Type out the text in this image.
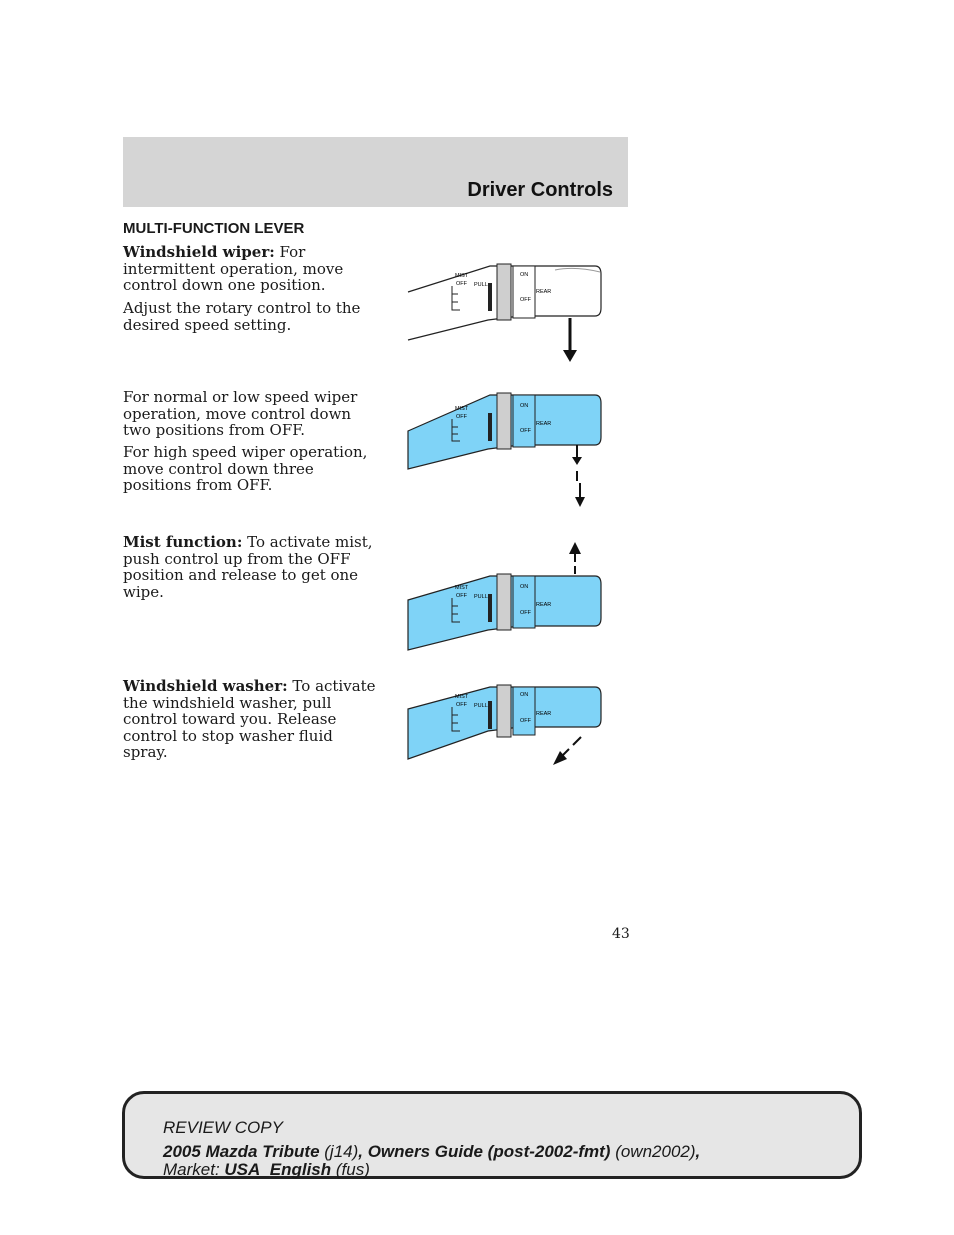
Driver Controls
MULTI-FUNCTION LEVER

Windshield wiper: For intermittent operation, move control down one position.

Adjust the rotary control to the desired speed setting.

For normal or low speed wiper operation, move control down two positions from OFF.

For high speed wiper operation, move control down three positions from OFF.

Mist function: To activate mist, push control up from the OFF position and release to get one wipe.

Windshield washer: To activate the windshield washer, pull control toward you. Release control to stop washer fluid spray.

MIST
OFF PULL
ON
OFF
REAR
MIST
OFF
ON
OFF
REAR
MIST
OFF PULL
ON
OFF
REAR
MIST
OFF PULL
ON
OFF
REAR
43
REVIEW COPY
2005 Mazda Tribute (j14), Owners Guide (post-2002-fmt) (own2002),
Market: USA_English (fus)
